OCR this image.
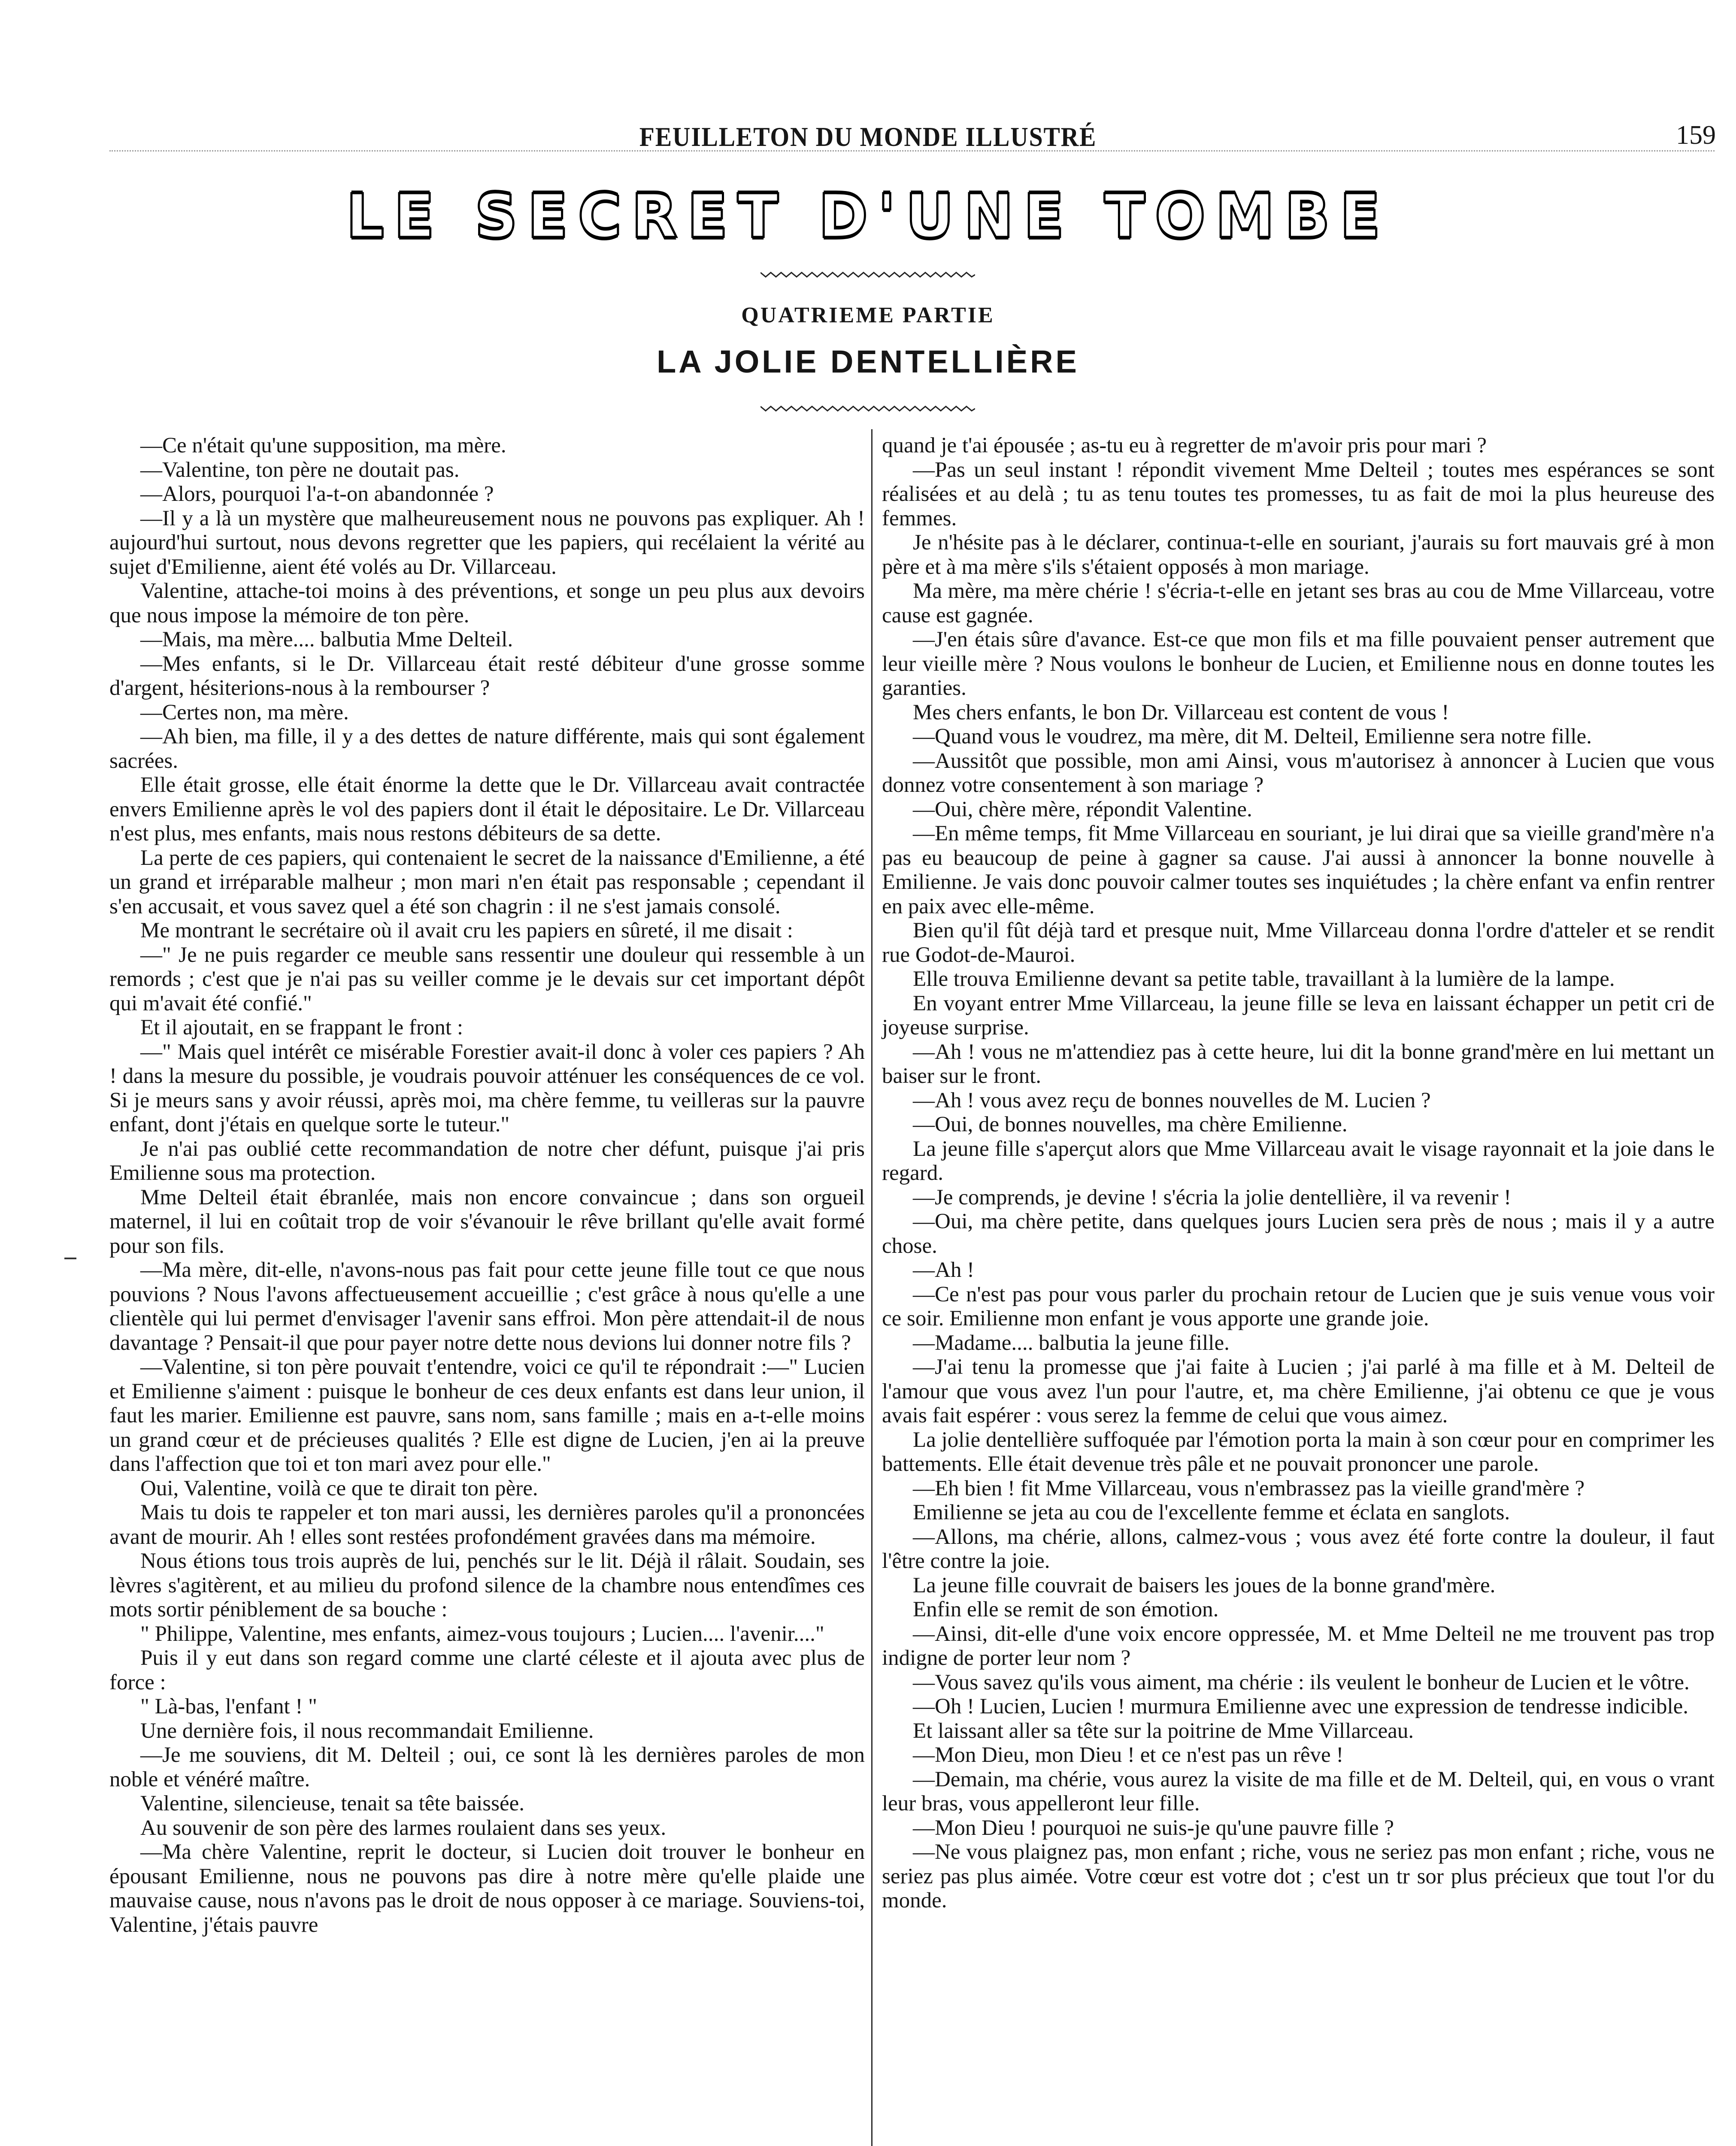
FEUILLETON DU MONDE ILLUSTRÉ	159
LE SECRET D'UNE TOMBE
QUATRIEME PARTIE
LA JOLIE DENTELLIÈRE

—Ce n'était qu'une supposition, ma mère.

—Valentine, ton père ne doutait pas.

—Alors, pourquoi l'a-t-on abandonnée ?

—Il y a là un mystère que malheureusement nous ne pouvons pas expliquer. Ah ! aujourd'hui surtout, nous devons regretter que les papiers, qui recélaient la vérité au sujet d'Emilienne, aient été volés au Dr. Villarceau.

Valentine, attache-toi moins à des préventions, et songe un peu plus aux devoirs que nous impose la mémoire de ton père.

—Mais, ma mère.... balbutia Mme Delteil.

—Mes enfants, si le Dr. Villarceau était resté débiteur d'une grosse somme d'argent, hésiterions-nous à la rembourser ?

—Certes non, ma mère.

—Ah bien, ma fille, il y a des dettes de nature différente, mais qui sont également sacrées.

Elle était grosse, elle était énorme la dette que le Dr. Villarceau avait contractée envers Emilienne après le vol des papiers dont il était le dépositaire. Le Dr. Villarceau n'est plus, mes enfants, mais nous restons débiteurs de sa dette.

La perte de ces papiers, qui contenaient le secret de la naissance d'Emilienne, a été un grand et irréparable malheur ; mon mari n'en était pas responsable ; cependant il s'en accusait, et vous savez quel a été son chagrin : il ne s'est jamais consolé.

Me montrant le secrétaire où il avait cru les papiers en sûreté, il me disait :

—" Je ne puis regarder ce meuble sans ressentir une douleur qui ressemble à un remords ; c'est que je n'ai pas su veiller comme je le devais sur cet important dépôt qui m'avait été confié."

Et il ajoutait, en se frappant le front :

—" Mais quel intérêt ce misérable Forestier avait-il donc à voler ces papiers ? Ah ! dans la mesure du possible, je voudrais pouvoir atténuer les conséquences de ce vol. Si je meurs sans y avoir réussi, après moi, ma chère femme, tu veilleras sur la pauvre enfant, dont j'étais en quelque sorte le tuteur."

Je n'ai pas oublié cette recommandation de notre cher défunt, puisque j'ai pris Emilienne sous ma protection.

Mme Delteil était ébranlée, mais non encore convaincue ; dans son orgueil maternel, il lui en coûtait trop de voir s'évanouir le rêve brillant qu'elle avait formé pour son fils.

—Ma mère, dit-elle, n'avons-nous pas fait pour cette jeune fille tout ce que nous pouvions ? Nous l'avons affectueusement accueillie ; c'est grâce à nous qu'elle a une clientèle qui lui permet d'envisager l'avenir sans effroi. Mon père attendait-il de nous davantage ? Pensait-il que pour payer notre dette nous devions lui donner notre fils ?

—Valentine, si ton père pouvait t'entendre, voici ce qu'il te répondrait :—" Lucien et Emilienne s'aiment : puisque le bonheur de ces deux enfants est dans leur union, il faut les marier. Emilienne est pauvre, sans nom, sans famille ; mais en a-t-elle moins un grand cœur et de précieuses qualités ? Elle est digne de Lucien, j'en ai la preuve dans l'affection que toi et ton mari avez pour elle."

Oui, Valentine, voilà ce que te dirait ton père.

Mais tu dois te rappeler et ton mari aussi, les dernières paroles qu'il a prononcées avant de mourir. Ah ! elles sont restées profondément gravées dans ma mémoire.

Nous étions tous trois auprès de lui, penchés sur le lit. Déjà il râlait. Soudain, ses lèvres s'agitèrent, et au milieu du profond silence de la chambre nous entendîmes ces mots sortir péniblement de sa bouche :

" Philippe, Valentine, mes enfants, aimez-vous toujours ; Lucien.... l'avenir...."

Puis il y eut dans son regard comme une clarté céleste et il ajouta avec plus de force :

" Là-bas, l'enfant ! "

Une dernière fois, il nous recommandait Emilienne.

—Je me souviens, dit M. Delteil ; oui, ce sont là les dernières paroles de mon noble et vénéré maître.

Valentine, silencieuse, tenait sa tête baissée.

Au souvenir de son père des larmes roulaient dans ses yeux.

—Ma chère Valentine, reprit le docteur, si Lucien doit trouver le bonheur en épousant Emilienne, nous ne pouvons pas dire à notre mère qu'elle plaide une mauvaise cause, nous n'avons pas le droit de nous opposer à ce mariage. Souviens-toi, Valentine, j'étais pauvre

quand je t'ai épousée ; as-tu eu à regretter de m'avoir pris pour mari ?

—Pas un seul instant ! répondit vivement Mme Delteil ; toutes mes espérances se sont réalisées et au delà ; tu as tenu toutes tes promesses, tu as fait de moi la plus heureuse des femmes.

Je n'hésite pas à le déclarer, continua-t-elle en souriant, j'aurais su fort mauvais gré à mon père et à ma mère s'ils s'étaient opposés à mon mariage.

Ma mère, ma mère chérie ! s'écria-t-elle en jetant ses bras au cou de Mme Villarceau, votre cause est gagnée.

—J'en étais sûre d'avance. Est-ce que mon fils et ma fille pouvaient penser autrement que leur vieille mère ? Nous voulons le bonheur de Lucien, et Emilienne nous en donne toutes les garanties.

Mes chers enfants, le bon Dr. Villarceau est content de vous !

—Quand vous le voudrez, ma mère, dit M. Delteil, Emilienne sera notre fille.

—Aussitôt que possible, mon ami Ainsi, vous m'autorisez à annoncer à Lucien que vous donnez votre consentement à son mariage ?

—Oui, chère mère, répondit Valentine.

—En même temps, fit Mme Villarceau en souriant, je lui dirai que sa vieille grand'mère n'a pas eu beaucoup de peine à gagner sa cause. J'ai aussi à annoncer la bonne nouvelle à Emilienne. Je vais donc pouvoir calmer toutes ses inquiétudes ; la chère enfant va enfin rentrer en paix avec elle-même.

Bien qu'il fût déjà tard et presque nuit, Mme Villarceau donna l'ordre d'atteler et se rendit rue Godot-de-Mauroi.

Elle trouva Emilienne devant sa petite table, travaillant à la lumière de la lampe.

En voyant entrer Mme Villarceau, la jeune fille se leva en laissant échapper un petit cri de joyeuse surprise.

—Ah ! vous ne m'attendiez pas à cette heure, lui dit la bonne grand'mère en lui mettant un baiser sur le front.

—Ah ! vous avez reçu de bonnes nouvelles de M. Lucien ?

—Oui, de bonnes nouvelles, ma chère Emilienne.

La jeune fille s'aperçut alors que Mme Villarceau avait le visage rayonnait et la joie dans le regard.

—Je comprends, je devine ! s'écria la jolie dentellière, il va revenir !

—Oui, ma chère petite, dans quelques jours Lucien sera près de nous ; mais il y a autre chose.

—Ah !

—Ce n'est pas pour vous parler du prochain retour de Lucien que je suis venue vous voir ce soir. Emilienne mon enfant je vous apporte une grande joie.

—Madame.... balbutia la jeune fille.

—J'ai tenu la promesse que j'ai faite à Lucien ; j'ai parlé à ma fille et à M. Delteil de l'amour que vous avez l'un pour l'autre, et, ma chère Emilienne, j'ai obtenu ce que je vous avais fait espérer : vous serez la femme de celui que vous aimez.

La jolie dentellière suffoquée par l'émotion porta la main à son cœur pour en comprimer les battements. Elle était devenue très pâle et ne pouvait prononcer une parole.

—Eh bien ! fit Mme Villarceau, vous n'embrassez pas la vieille grand'mère ?

Emilienne se jeta au cou de l'excellente femme et éclata en sanglots.

—Allons, ma chérie, allons, calmez-vous ; vous avez été forte contre la douleur, il faut l'être contre la joie.

La jeune fille couvrait de baisers les joues de la bonne grand'mère.

Enfin elle se remit de son émotion.

—Ainsi, dit-elle d'une voix encore oppressée, M. et Mme Delteil ne me trouvent pas trop indigne de porter leur nom ?

—Vous savez qu'ils vous aiment, ma chérie : ils veulent le bonheur de Lucien et le vôtre.

—Oh ! Lucien, Lucien ! murmura Emilienne avec une expression de tendresse indicible.

Et laissant aller sa tête sur la poitrine de Mme Villarceau.

—Mon Dieu, mon Dieu ! et ce n'est pas un rêve !

—Demain, ma chérie, vous aurez la visite de ma fille et de M. Delteil, qui, en vous o vrant leur bras, vous appelleront leur fille.

—Mon Dieu ! pourquoi ne suis-je qu'une pauvre fille ?

—Ne vous plaignez pas, mon enfant ; riche, vous ne seriez pas mon enfant ; riche, vous ne seriez pas plus aimée. Votre cœur est votre dot ; c'est un tr sor plus précieux que tout l'or du monde.
